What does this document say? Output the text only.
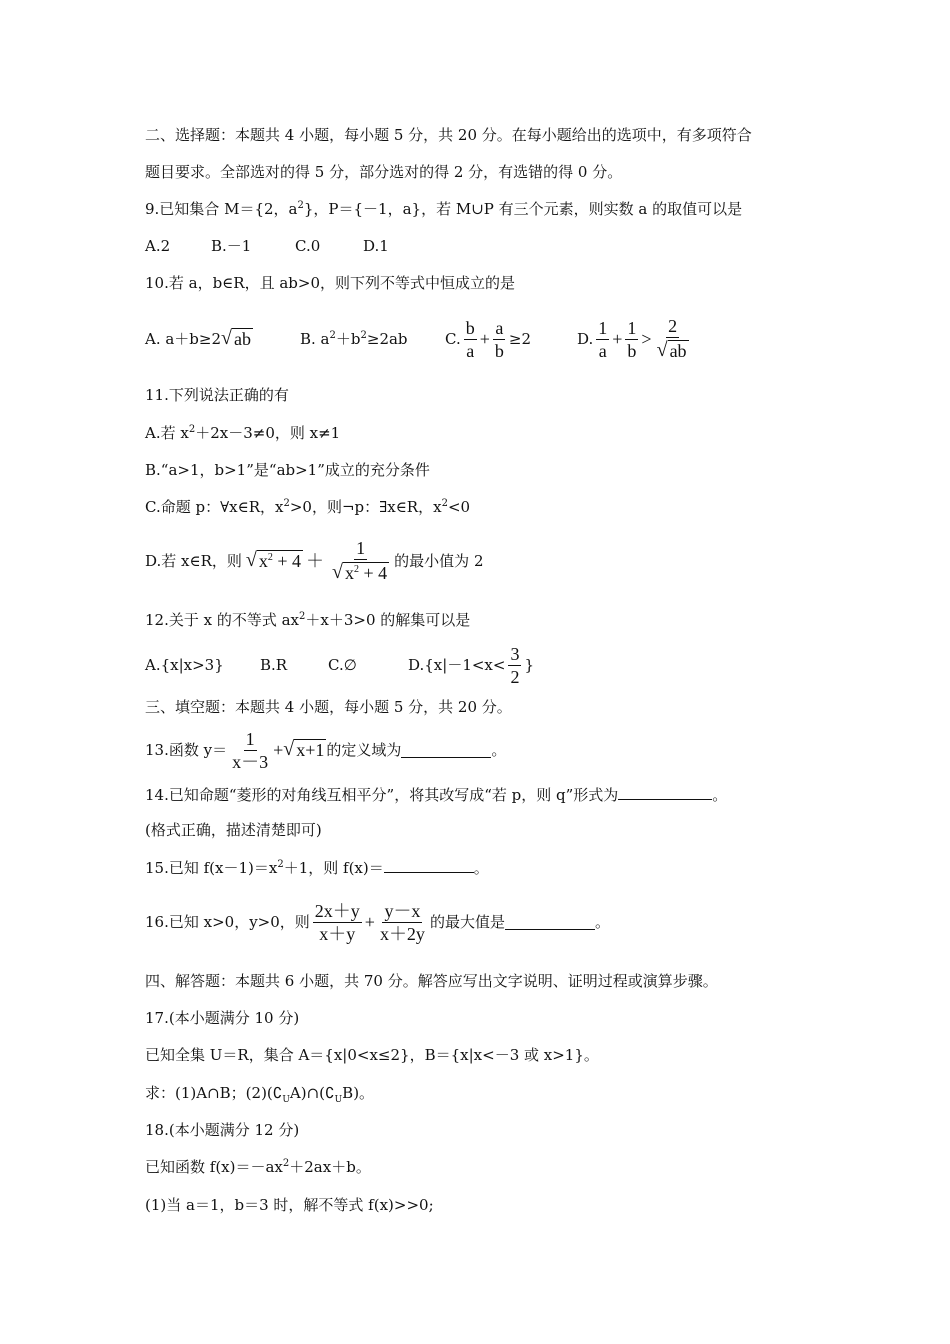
二、选择题：本题共 4 小题，每小题 5 分，共 20 分。在每小题给出的选项中，有多项符合
题目要求。全部选对的得 5 分，部分选对的得 2 分，有选错的得 0 分。
9.已知集合 M＝{2，$a^2$}，P＝{－1，a}，若 M∪P 有三个元素，则实数 a 的取值可以是
A.2	B.－1	C.0	D.1
10.若 a，b∈R，且 ab>0，则下列不等式中恒成立的是
A. a＋b≥2 √ ab	B. $a^2+b^2\ge 2ab$	C. $\frac{b}{a} + \frac{a}{b} \ge 2$	D. $\frac{1}{a} + \frac{1}{b} > \frac{2}{√ ab}$
11.下列说法正确的有
A.若 $x^2+2x-3\ne 0$，则 x≠1
B.“a>1，b>1”是“ab>1”成立的充分条件
C.命题 p：∀x∈R，$x^2>0$，则¬p：∃x∈R，$x^2<0$
D.若 x∈R，则 √ $x^2 + 4 + \frac{1}{√ x^2 + 4}$ 的最小值为 2
12.关于 x 的不等式 $ax^2+x+3>0$ 的解集可以是
A.{x|x>3}	B.R	C.∅	$D.\{x|-1<x< \frac{3}{2}$ }
三、填空题：本题共 4 小题，每小题 5 分，共 20 分。
13.函数 $y= \frac{1}{x-3}$ + √ x+1 的定义域为	。
14.已知命题“菱形的对角线互相平分”，将其改写成“若 p，则 q”形式为	。
(格式正确，描述清楚即可)
15.已知 $f(x-1)=x^2+1$，则 f(x)＝	。
16.已知 x>0，y>0，则 $\frac{2x+y}{x+y} + \frac{y-x}{x+2y}$ 的最大值是	。
四、解答题：本题共 6 小题，共 70 分。解答应写出文字说明、证明过程或演算步骤。
17.(本小题满分 10 分)
已知全集 U＝R，集合 A＝{x|0<x≤2}，B＝{x|x<－3 或 x>1}。
求：(1)A∩B；$(2)(∁_UA)\cap(∁_UB)$。
18.(本小题满分 12 分)
已知函数 $f(x)=-ax^2+2ax+b$。
(1)当 a＝1，b＝3 时，解不等式 f(x)>>0;
